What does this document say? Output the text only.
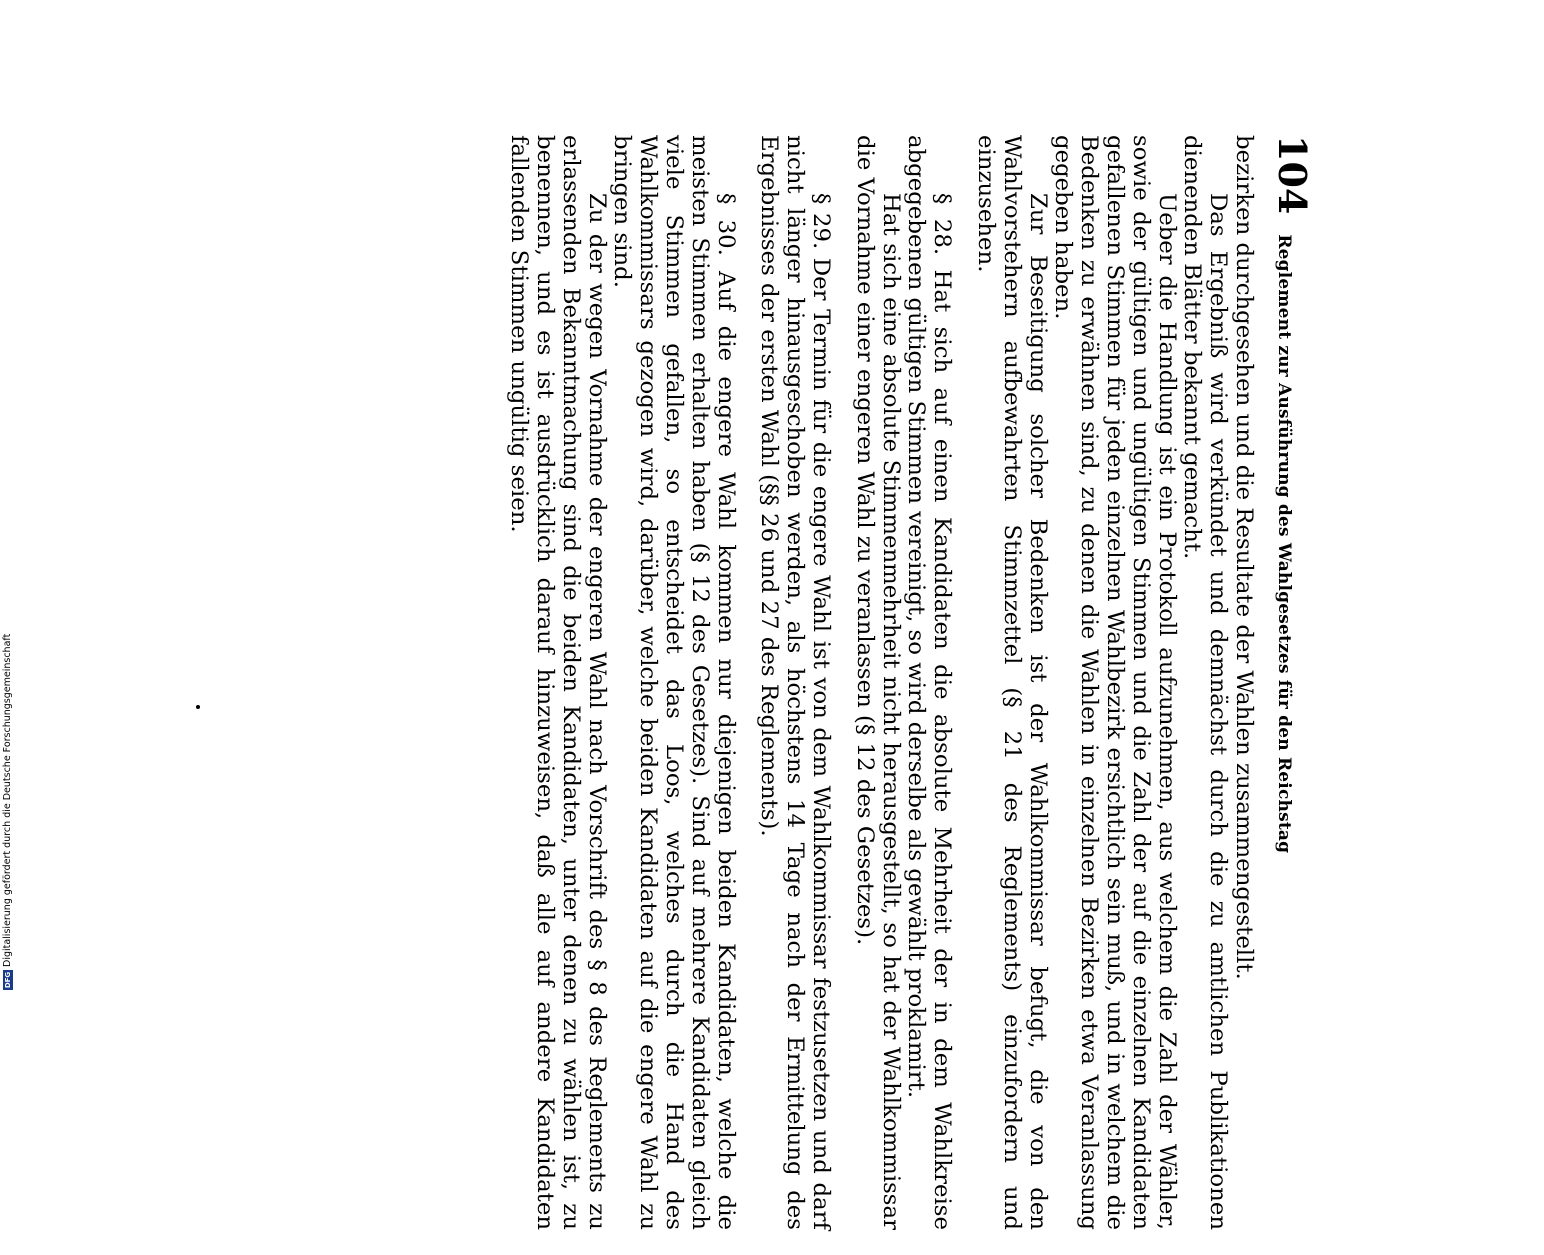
104
Reglement zur Ausführung des Wahlgesetzes für den Reichstag

bezirken durchgesehen und die Resultate der Wahlen zusammengestellt.

Das Ergebniß wird verkündet und demnächst durch die zu amtlichen Publikationen dienenden Blätter bekannt gemacht.

Ueber die Handlung ist ein Protokoll aufzunehmen, aus welchem die Zahl der Wähler, sowie der gültigen und ungültigen Stimmen und die Zahl der auf die einzelnen Kandidaten gefallenen Stimmen für jeden einzelnen Wahlbezirk ersichtlich sein muß, und in welchem die Bedenken zu erwähnen sind, zu denen die Wahlen in einzelnen Bezirken etwa Veranlassung gegeben haben.

Zur Beseitigung solcher Bedenken ist der Wahlkommissar befugt, die von den Wahlvorstehern aufbewahrten Stimmzettel (§ 21 des Reglements) einzufordern und einzusehen.

§ 28. Hat sich auf einen Kandidaten die absolute Mehrheit der in dem Wahlkreise abgegebenen gültigen Stimmen vereinigt, so wird derselbe als gewählt proklamirt.

Hat sich eine absolute Stimmenmehrheit nicht herausgestellt, so hat der Wahlkommissar die Vornahme einer engeren Wahl zu veranlassen (§ 12 des Gesetzes).

§ 29. Der Termin für die engere Wahl ist von dem Wahlkommissar festzusetzen und darf nicht länger hinausgeschoben werden, als höchstens 14 Tage nach der Ermittelung des Ergebnisses der ersten Wahl (§§ 26 und 27 des Reglements).

§ 30. Auf die engere Wahl kommen nur diejenigen beiden Kandidaten, welche die meisten Stimmen erhalten haben (§ 12 des Gesetzes). Sind auf mehrere Kandidaten gleich viele Stimmen gefallen, so entscheidet das Loos, welches durch die Hand des Wahlkommissars gezogen wird, darüber, welche beiden Kandidaten auf die engere Wahl zu bringen sind.

Zu der wegen Vornahme der engeren Wahl nach Vorschrift des § 8 des Reglements zu erlassenden Bekanntmachung sind die beiden Kandidaten, unter denen zu wählen ist, zu benennen, und es ist ausdrücklich darauf hinzuweisen, daß alle auf andere Kandidaten fallenden Stimmen ungültig seien.

DFG
Digitalisierung gefördert durch die Deutsche Forschungsgemeinschaft
